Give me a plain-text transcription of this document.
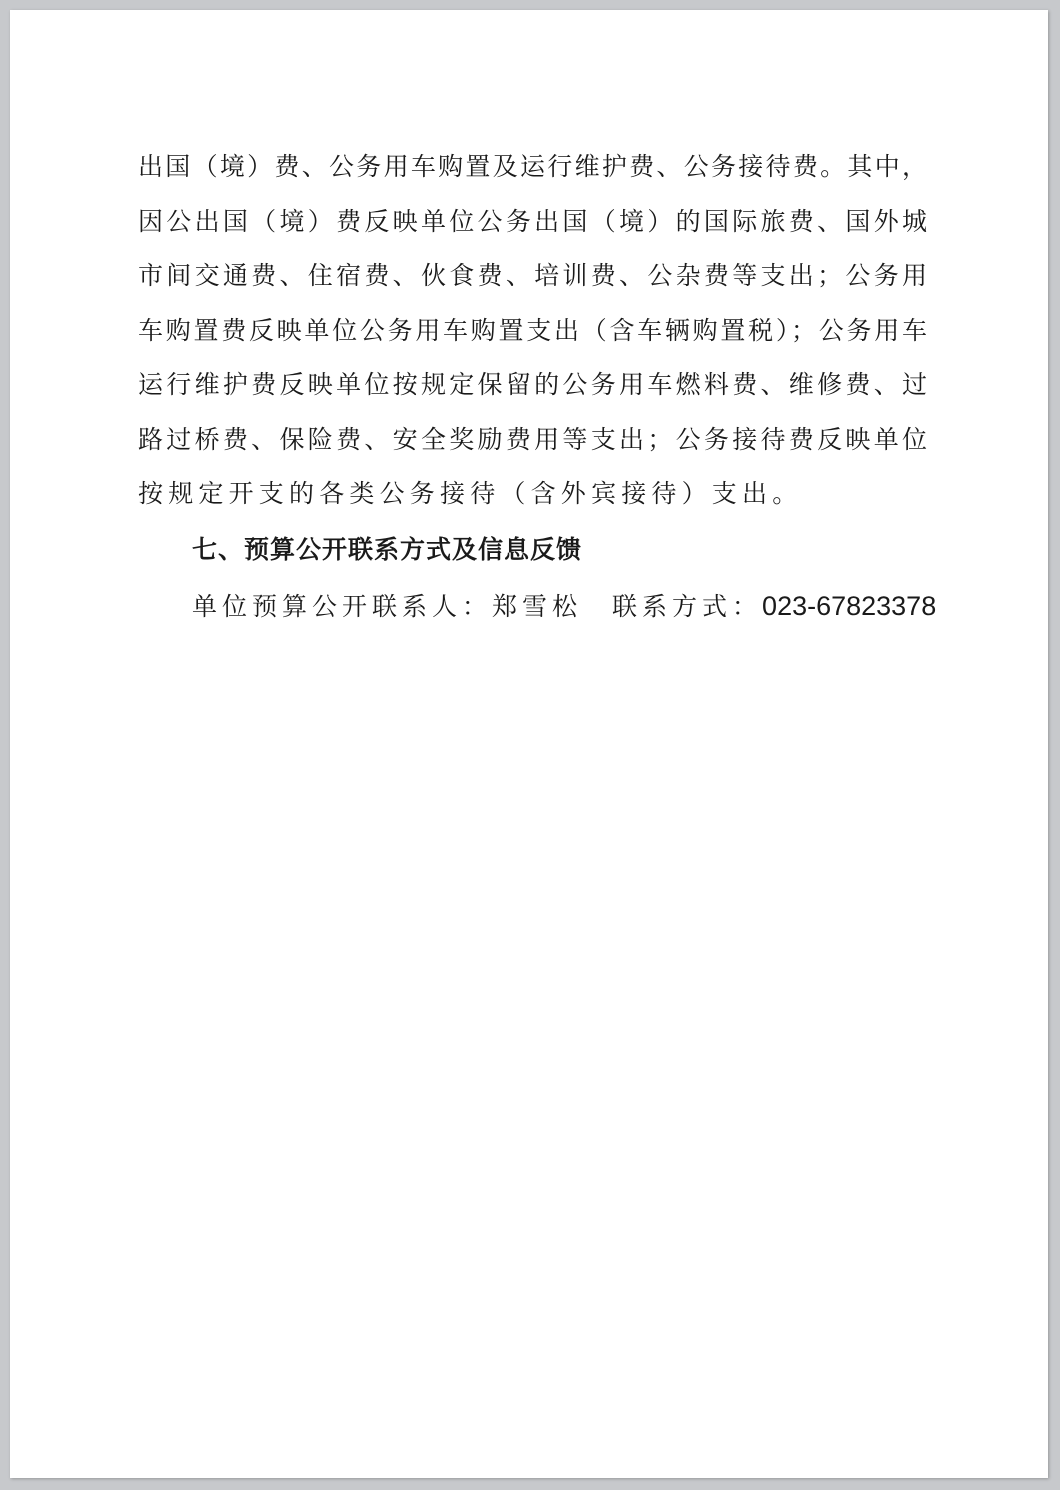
出国（境）费、公务用车购置及运行维护费、公务接待费。其中，
因公出国（境）费反映单位公务出国（境）的国际旅费、国外城
市间交通费、住宿费、伙食费、培训费、公杂费等支出；公务用
车购置费反映单位公务用车购置支出（含车辆购置税）；公务用车
运行维护费反映单位按规定保留的公务用车燃料费、维修费、过
路过桥费、保险费、安全奖励费用等支出；公务接待费反映单位
按规定开支的各类公务接待（含外宾接待）支出。
七、预算公开联系方式及信息反馈
单位预算公开联系人：郑雪松 联系方式：023-67823378
